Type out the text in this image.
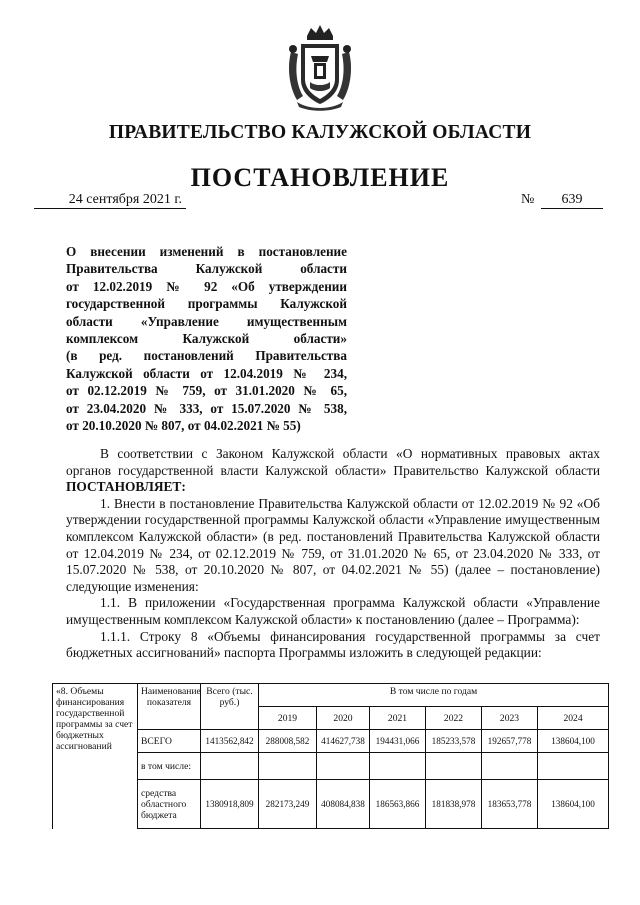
ПРАВИТЕЛЬСТВО КАЛУЖСКОЙ ОБЛАСТИ
ПОСТАНОВЛЕНИЕ
24 сентября 2021 г.	№	639
О внесении изменений в постановление
Правительства Калужской области
от 12.02.2019 № 92 «Об утверждении
государственной программы Калужской
области «Управление имущественным
комплексом Калужской области»
(в ред. постановлений Правительства
Калужской области от 12.04.2019 № 234,
от 02.12.2019 № 759, от 31.01.2020 № 65,
от 23.04.2020 № 333, от 15.07.2020 № 538,
от 20.10.2020 № 807, от 04.02.2021 № 55)

В соответствии с Законом Калужской области «О нормативных правовых актах органов государственной власти Калужской области» Правительство Калужской области ПОСТАНОВЛЯЕТ:

1. Внести в постановление Правительства Калужской области от 12.02.2019 № 92 «Об утверждении государственной программы Калужской области «Управление имущественным комплексом Калужской области» (в ред. постановлений Правительства Калужской области от 12.04.2019 № 234, от 02.12.2019 № 759, от 31.01.2020 № 65, от 23.04.2020 № 333, от 15.07.2020 № 538, от 20.10.2020 № 807, от 04.02.2021 № 55) (далее – постановление) следующие изменения:

1.1. В приложении «Государственная программа Калужской области «Управление имущественным комплексом Калужской области» к постановлению (далее – Программа):

1.1.1. Строку 8 «Объемы финансирования государственной программы за счет бюджетных ассигнований» паспорта Программы изложить в следующей редакции:

«8. Объемы финансирования государственной программы за счет бюджетных ассигнований	Наименование показателя	Всего (тыс. руб.)	В том числе по годам					
			2019	2020	2021	2022	2023	2024
	ВСЕГО	1413562,842	288008,582	414627,738	194431,066	185233,578	192657,778	138604,100
	в том числе:							
	средства областного бюджета	1380918,809	282173,249	408084,838	186563,866	181838,978	183653,778	138604,100
